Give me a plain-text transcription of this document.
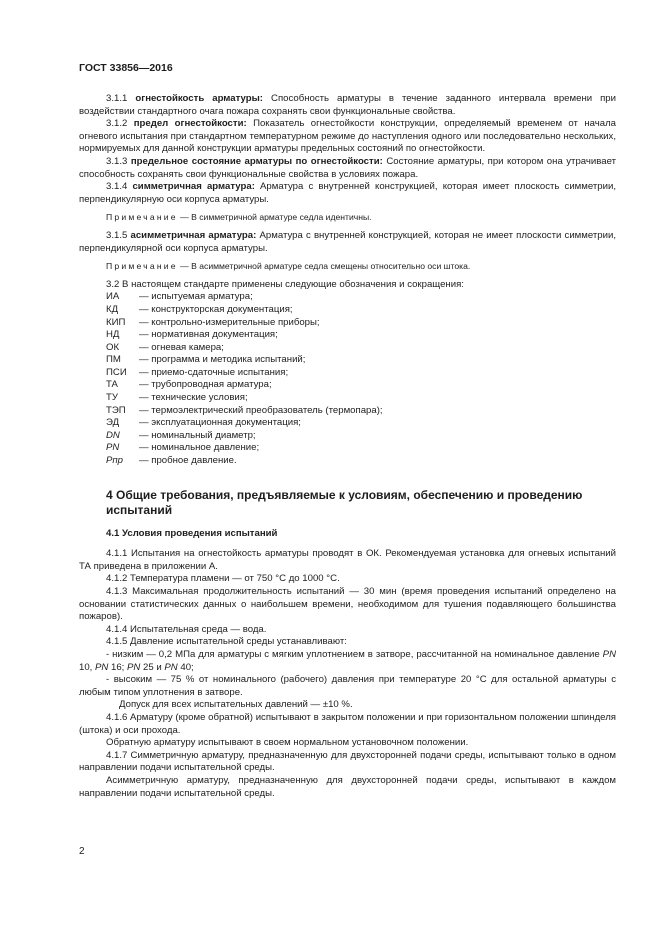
ГОСТ 33856—2016

3.1.1 огнестойкость арматуры: Способность арматуры в течение заданного интервала времени при воздействии стандартного очага пожара сохранять свои функциональные свойства.

3.1.2 предел огнестойкости: Показатель огнестойкости конструкции, определяемый временем от начала огневого испытания при стандартном температурном режиме до наступления одного или последовательно нескольких, нормируемых для данной конструкции арматуры предельных состояний по огнестойкости.

3.1.3 предельное состояние арматуры по огнестойкости: Состояние арматуры, при котором она утрачивает способность сохранять свои функциональные свойства в условиях пожара.

3.1.4 симметричная арматура: Арматура с внутренней конструкцией, которая имеет плоскость симметрии, перпендикулярную оси корпуса арматуры.

Примечание — В симметричной арматуре седла идентичны.

3.1.5 асимметричная арматура: Арматура с внутренней конструкцией, которая не имеет плоскости симметрии, перпендикулярной оси корпуса арматуры.

Примечание — В асимметричной арматуре седла смещены относительно оси штока.

3.2 В настоящем стандарте применены следующие обозначения и сокращения:

ИА	— испытуемая арматура;
КД	— конструкторская документация;
КИП	— контрольно-измерительные приборы;
НД	— нормативная документация;
ОК	— огневая камера;
ПМ	— программа и методика испытаний;
ПСИ	— приемо-сдаточные испытания;
ТА	— трубопроводная арматура;
ТУ	— технические условия;
ТЭП	— термоэлектрический преобразователь (термопара);
ЭД	— эксплуатационная документация;
DN	— номинальный диаметр;
PN	— номинальное давление;
Pпр	— пробное давление.
4 Общие требования, предъявляемые к условиям, обеспечению и проведению испытаний
4.1 Условия проведения испытаний

4.1.1 Испытания на огнестойкость арматуры проводят в ОК. Рекомендуемая установка для огневых испытаний ТА приведена в приложении А.

4.1.2 Температура пламени — от 750 °С до 1000 °С.

4.1.3 Максимальная продолжительность испытаний — 30 мин (время проведения испытаний определено на основании статистических данных о наибольшем времени, необходимом для тушения подавляющего большинства пожаров).

4.1.4 Испытательная среда — вода.

4.1.5 Давление испытательной среды устанавливают:

- низким — 0,2 МПа для арматуры с мягким уплотнением в затворе, рассчитанной на номинальное давление PN 10, PN 16; PN 25 и PN 40;

- высоким — 75 % от номинального (рабочего) давления при температуре 20 °С для остальной арматуры с любым типом уплотнения в затворе.

Допуск для всех испытательных давлений — ±10 %.

4.1.6 Арматуру (кроме обратной) испытывают в закрытом положении и при горизонтальном положении шпинделя (штока) и оси прохода.

Обратную арматуру испытывают в своем нормальном установочном положении.

4.1.7 Симметричную арматуру, предназначенную для двухсторонней подачи среды, испытывают только в одном направлении подачи испытательной среды.

Асимметричную арматуру, предназначенную для двухсторонней подачи среды, испытывают в каждом направлении подачи испытательной среды.

2
